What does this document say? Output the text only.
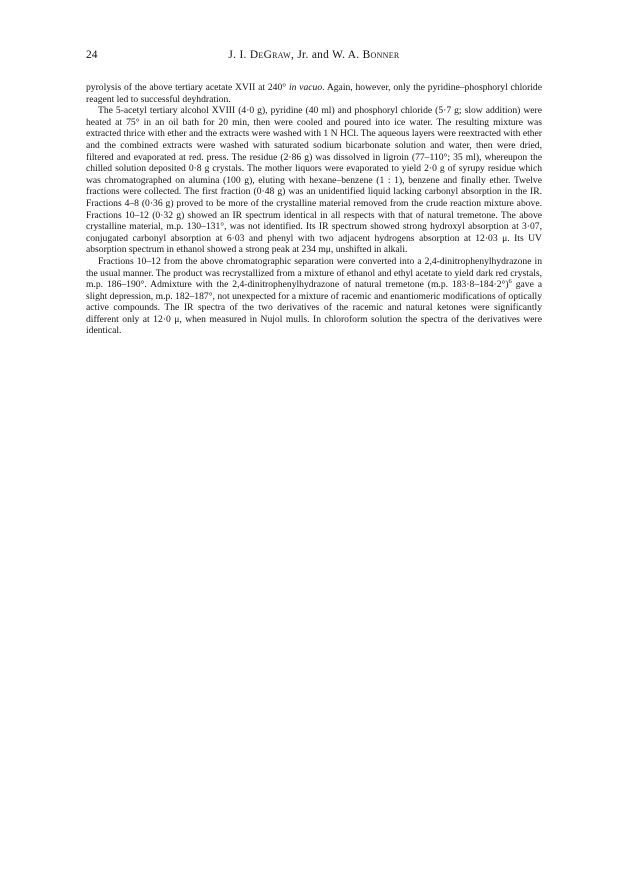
24	J. I. DeGraw, Jr. and W. A. Bonner

pyrolysis of the above tertiary acetate XVII at 240° in vacuo. Again, however, only the pyridine–phosphoryl chloride reagent led to successful deyhdration.

The 5-acetyl tertiary alcohol XVIII (4·0 g), pyridine (40 ml) and phosphoryl chloride (5·7 g; slow addition) were heated at 75° in an oil bath for 20 min, then were cooled and poured into ice water. The resulting mixture was extracted thrice with ether and the extracts were washed with 1 N HCl. The aqueous layers were reextracted with ether and the combined extracts were washed with saturated sodium bicarbonate solution and water, then were dried, filtered and evaporated at red. press. The residue (2·86 g) was dissolved in ligroin (77–110°; 35 ml), whereupon the chilled solution deposited 0·8 g crystals. The mother liquors were evaporated to yield 2·0 g of syrupy residue which was chromatographed on alumina (100 g), eluting with hexane–benzene (1 : 1), benzene and finally ether. Twelve fractions were collected. The first fraction (0·48 g) was an unidentified liquid lacking carbonyl absorption in the IR. Fractions 4–8 (0·36 g) proved to be more of the crystalline material removed from the crude reaction mixture above. Fractions 10–12 (0·32 g) showed an IR spectrum identical in all respects with that of natural tremetone. The above crystalline material, m.p. 130–131°, was not identified. Its IR spectrum showed strong hydroxyl absorption at 3·07, conjugated carbonyl absorption at 6·03 and phenyl with two adjacent hydrogens absorption at 12·03 μ. Its UV absorption spectrum in ethanol showed a strong peak at 234 mμ, unshifted in alkali.

Fractions 10–12 from the above chromatographic separation were converted into a 2,4-dinitrophenylhydrazone in the usual manner. The product was recrystallized from a mixture of ethanol and ethyl acetate to yield dark red crystals, m.p. 186–190°. Admixture with the 2,4-dinitrophenylhydrazone of natural tremetone (m.p. 183·8–184·2°)$^6$ gave a slight depression, m.p. 182–187°, not unexpected for a mixture of racemic and enantiomeric modifications of optically active compounds. The IR spectra of the two derivatives of the racemic and natural ketones were significantly different only at 12·0 μ, when measured in Nujol mulls. In chloroform solution the spectra of the derivatives were identical.
